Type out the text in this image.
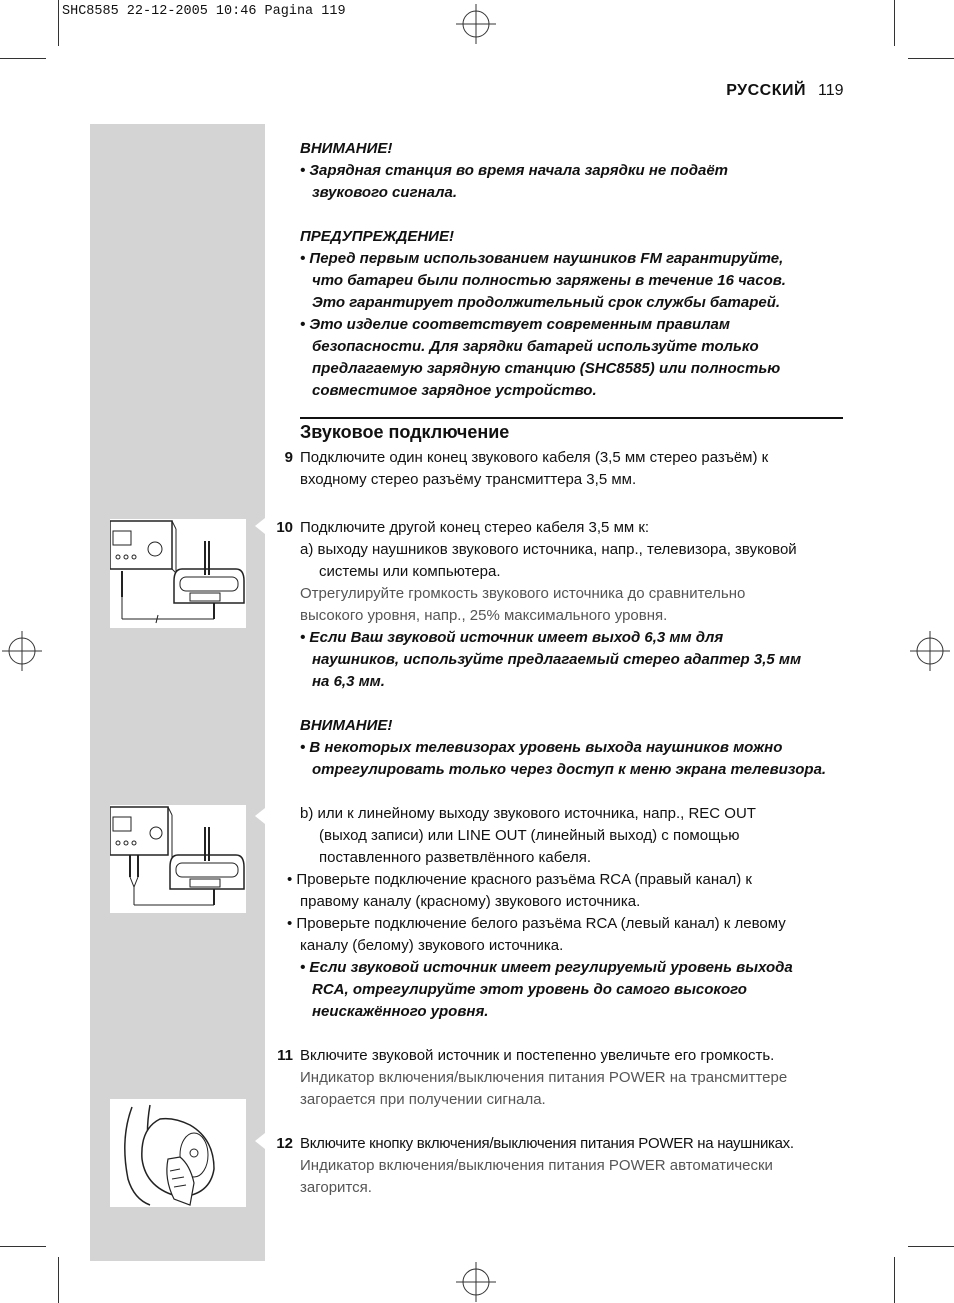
SHC8585 22-12-2005 10:46 Pagina 119
РУССКИЙ 119
ВНИМАНИЕ!
• Зарядная станция во время начала зарядки не подаёт
звукового сигнала.
ПРЕДУПРЕЖДЕНИЕ!
• Перед первым использованием наушников FM гарантируйте,
что батареи были полностью заряжены в течение 16 часов.
Это гарантирует продолжительный срок службы батарей.
• Это изделие соответствует современным правилам
безопасности. Для зарядки батарей используйте только
предлагаемую зарядную станцию (SHC8585) или полностью
совместимое зарядное устройство.
Звуковое подключение
9 Подключите один конец звукового кабеля (3,5 мм стерео разъём) к
входному стерео разъёму трансмиттера 3,5 мм.
10 Подключите другой конец стерео кабеля 3,5 мм к:
а) выходу наушников звукового источника, напр., телевизора, звуковой
системы или компьютера.
Отрегулируйте громкость звукового источника до сравнительно
высокого уровня, напр., 25% максимального уровня.
• Если Ваш звуковой источник имеет выход 6,3 мм для
наушников, используйте предлагаемый стерео адаптер 3,5 мм
на 6,3 мм.
ВНИМАНИЕ!
• В некоторых телевизорах уровень выхода наушников можно
отрегулировать только через доступ к меню экрана телевизора.
b) или к линейному выходу звукового источника, напр., REC OUT
(выход записи) или LINE OUT (линейный выход) с помощью
поставленного разветвлённого кабеля.
• Проверьте подключение красного разъёма RCA (правый канал) к
правому каналу (красному) звукового источника.
• Проверьте подключение белого разъёма RCA (левый канал) к левому
каналу (белому) звукового источника.
• Если звуковой источник имеет регулируемый уровень выхода
RCA, отрегулируйте этот уровень до самого высокого
неискажённого уровня.
11 Включите звуковой источник и постепенно увеличьте его громкость.
Индикатор включения/выключения питания POWER на трансмиттере
загорается при получении сигнала.
12 Включите кнопку включения/выключения питания POWER на наушниках.
Индикатор включения/выключения питания POWER автоматически
загорится.
